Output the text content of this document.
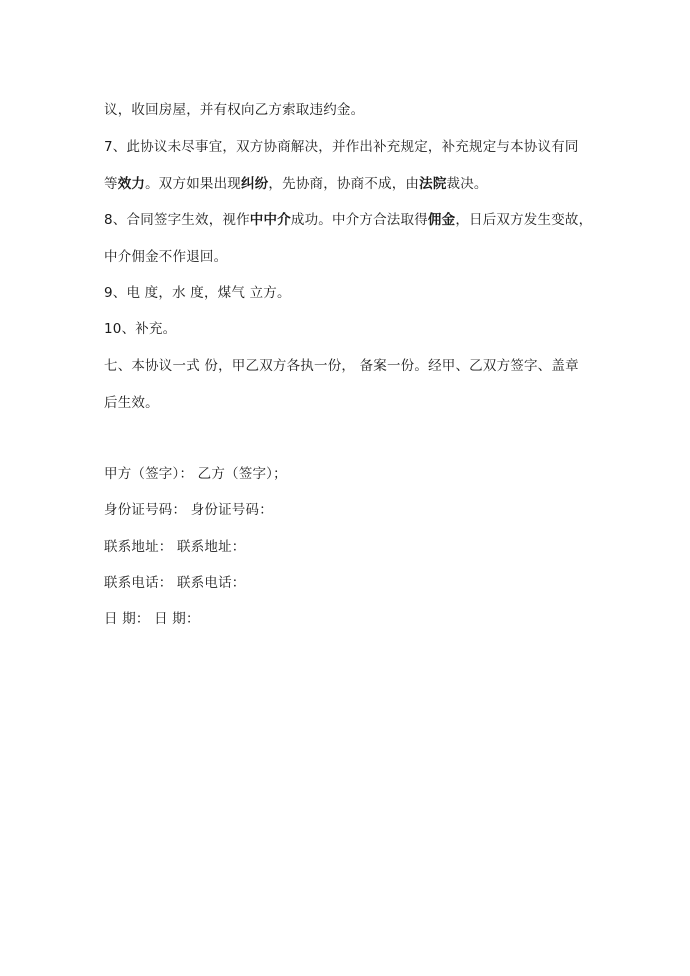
议，收回房屋，并有权向乙方索取违约金。
7、此协议未尽事宜，双方协商解决，并作出补充规定，补充规定与本协议有同
等效力。双方如果出现纠纷，先协商，协商不成，由法院裁决。
8、合同签字生效，视作中中介成功。中介方合法取得佣金，日后双方发生变故，
中介佣金不作退回。
9、电 度，水 度，煤气 立方。
10、补充。
七、本协议一式 份，甲乙双方各执一份， 备案一份。经甲、乙双方签字、盖章
后生效。
甲方（签字）： 乙方（签字）；
身份证号码： 身份证号码：
联系地址： 联系地址：
联系电话： 联系电话：
日 期： 日 期：
